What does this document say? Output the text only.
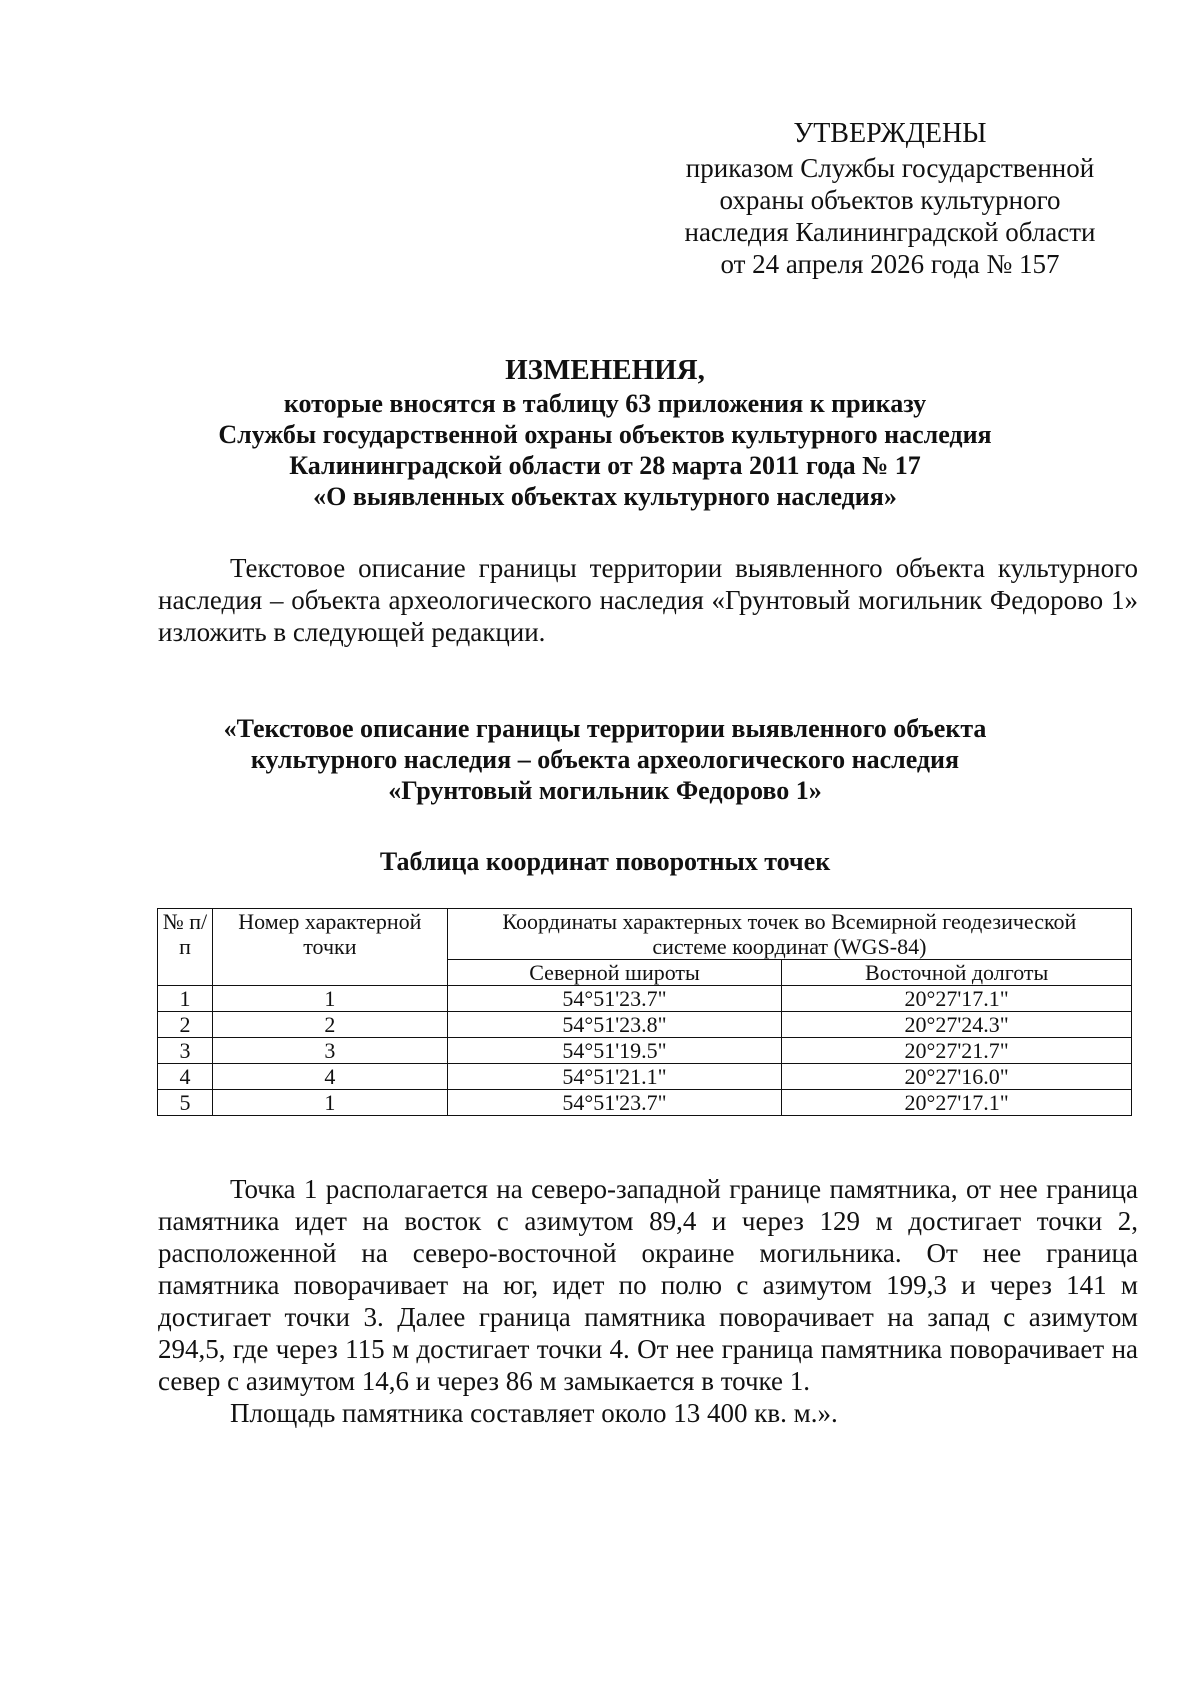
УТВЕРЖДЕНЫ
приказом Службы государственной
охраны объектов культурного
наследия Калининградской области
от 24 апреля 2026 года № 157
ИЗМЕНЕНИЯ,
которые вносятся в таблицу 63 приложения к приказу
Службы государственной охраны объектов культурного наследия
Калининградской области от 28 марта 2011 года № 17
«О выявленных объектах культурного наследия»
Текстовое описание границы территории выявленного объекта культурного наследия – объекта археологического наследия «Грунтовый могильник Федорово 1» изложить в следующей редакции.
«Текстовое описание границы территории выявленного объекта
культурного наследия – объекта археологического наследия
«Грунтовый могильник Федорово 1»
Таблица координат поворотных точек
№ п/п	Номер характерной точки	Координаты характерных точек во Всемирной геодезической системе координат (WGS-84)	
		Северной широты	Восточной долготы
1	1	54°51'23.7"	20°27'17.1"
2	2	54°51'23.8"	20°27'24.3"
3	3	54°51'19.5"	20°27'21.7"
4	4	54°51'21.1"	20°27'16.0"
5	1	54°51'23.7"	20°27'17.1"

Точка 1 располагается на северо-западной границе памятника, от нее граница памятника идет на восток с азимутом 89,4 и через 129 м достигает точки 2, расположенной на северо-восточной окраине могильника. От нее граница памятника поворачивает на юг, идет по полю с азимутом 199,3 и через 141 м достигает точки 3. Далее граница памятника поворачивает на запад с азимутом 294,5, где через 115 м достигает точки 4. От нее граница памятника поворачивает на север с азимутом 14,6 и через 86 м замыкается в точке 1.

Площадь памятника составляет около 13 400 кв. м.».
